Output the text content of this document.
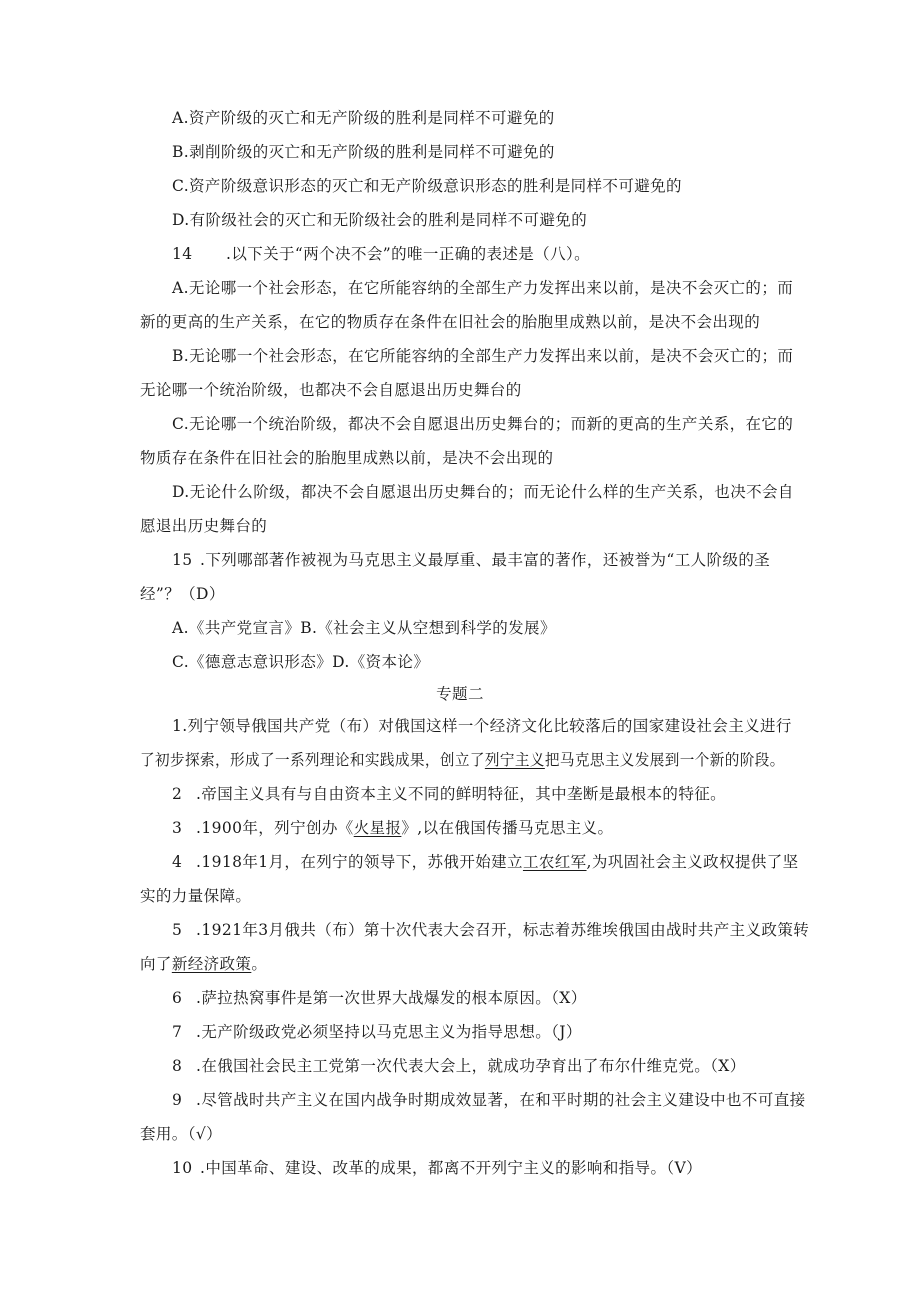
A.资产阶级的灭亡和无产阶级的胜利是同样不可避免的
B.剥削阶级的灭亡和无产阶级的胜利是同样不可避免的
C.资产阶级意识形态的灭亡和无产阶级意识形态的胜利是同样不可避免的
D.有阶级社会的灭亡和无阶级社会的胜利是同样不可避免的
14 .以下关于“两个决不会”的唯一正确的表述是（八）。
A.无论哪一个社会形态，在它所能容纳的全部生产力发挥出来以前，是决不会灭亡的；而
新的更高的生产关系，在它的物质存在条件在旧社会的胎胞里成熟以前，是决不会出现的
B.无论哪一个社会形态，在它所能容纳的全部生产力发挥出来以前，是决不会灭亡的；而
无论哪一个统治阶级，也都决不会自愿退出历史舞台的
C.无论哪一个统治阶级，都决不会自愿退出历史舞台的；而新的更高的生产关系，在它的
物质存在条件在旧社会的胎胞里成熟以前，是决不会出现的
D.无论什么阶级，都决不会自愿退出历史舞台的；而无论什么样的生产关系，也决不会自
愿退出历史舞台的
15 .下列哪部著作被视为马克思主义最厚重、最丰富的著作，还被誉为“工人阶级的圣
经”？（D）
A.《共产党宣言》B.《社会主义从空想到科学的发展》
C.《德意志意识形态》D.《资本论》
专题二
1.列宁领导俄国共产党（布）对俄国这样一个经济文化比较落后的国家建设社会主义进行
了初步探索，形成了一系列理论和实践成果，创立了列宁主义把马克思主义发展到一个新的阶段。
2 .帝国主义具有与自由资本主义不同的鲜明特征，其中垄断是最根本的特征。
3 .1900年，列宁创办《火星报》,以在俄国传播马克思主义。
4 .1918年1月，在列宁的领导下，苏俄开始建立工农红军,为巩固社会主义政权提供了坚
实的力量保障。
5 .1921年3月俄共（布）第十次代表大会召开，标志着苏维埃俄国由战时共产主义政策转
向了新经济政策。
6 .萨拉热窝事件是第一次世界大战爆发的根本原因。（X）
7 .无产阶级政党必须坚持以马克思主义为指导思想。（J）
8 .在俄国社会民主工党第一次代表大会上，就成功孕育出了布尔什维克党。（X）
9 .尽管战时共产主义在国内战争时期成效显著，在和平时期的社会主义建设中也不可直接
套用。（√）
10 .中国革命、建设、改革的成果，都离不开列宁主义的影响和指导。（V）
